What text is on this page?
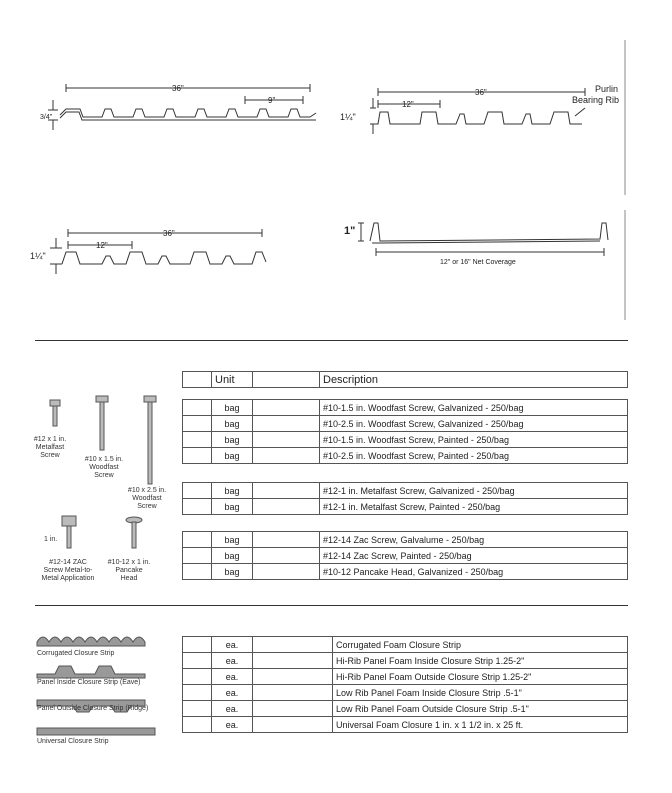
36"
9"
3/4"
36"
12"
1¼"
Purlin
Bearing Rib
36"
12"
1¼"
1"
12" or 16" Net Coverage
#12 x 1 in. Metalfast Screw
#10 x 1.5 in. Woodfast Screw
#10 x 2.5 in. Woodfast Screw
1 in.
#12-14 ZAC Screw Metal-to-Metal Application
#10-12 x 1 in. Pancake Head
	Unit		Description
	bag		#10-1.5 in. Woodfast Screw, Galvanized - 250/bag
	bag		#10-2.5 in. Woodfast Screw, Galvanized - 250/bag
	bag		#10-1.5 in. Woodfast Screw, Painted - 250/bag
	bag		#10-2.5 in. Woodfast Screw, Painted - 250/bag
	bag		#12-1 in. Metalfast Screw, Galvanized - 250/bag
	bag		#12-1 in. Metalfast Screw, Painted - 250/bag
	bag		#12-14 Zac Screw, Galvalume - 250/bag
	bag		#12-14 Zac Screw, Painted - 250/bag
	bag		#10-12 Pancake Head, Galvanized - 250/bag
Corrugated Closure Strip
Panel Inside Closure Strip (Eave)
Panel Outside Closure Strip (Ridge)
Universal Closure Strip
	ea.		Corrugated Foam Closure Strip
	ea.		Hi-Rib Panel Foam Inside Closure Strip 1.25-2"
	ea.		Hi-Rib Panel Foam Outside Closure Strip 1.25-2"
	ea.		Low Rib Panel Foam Inside Closure Strip .5-1"
	ea.		Low Rib Panel Foam Outside Closure Strip .5-1"
	ea.		Universal Foam Closure 1 in. x 1 1/2 in. x 25 ft.
